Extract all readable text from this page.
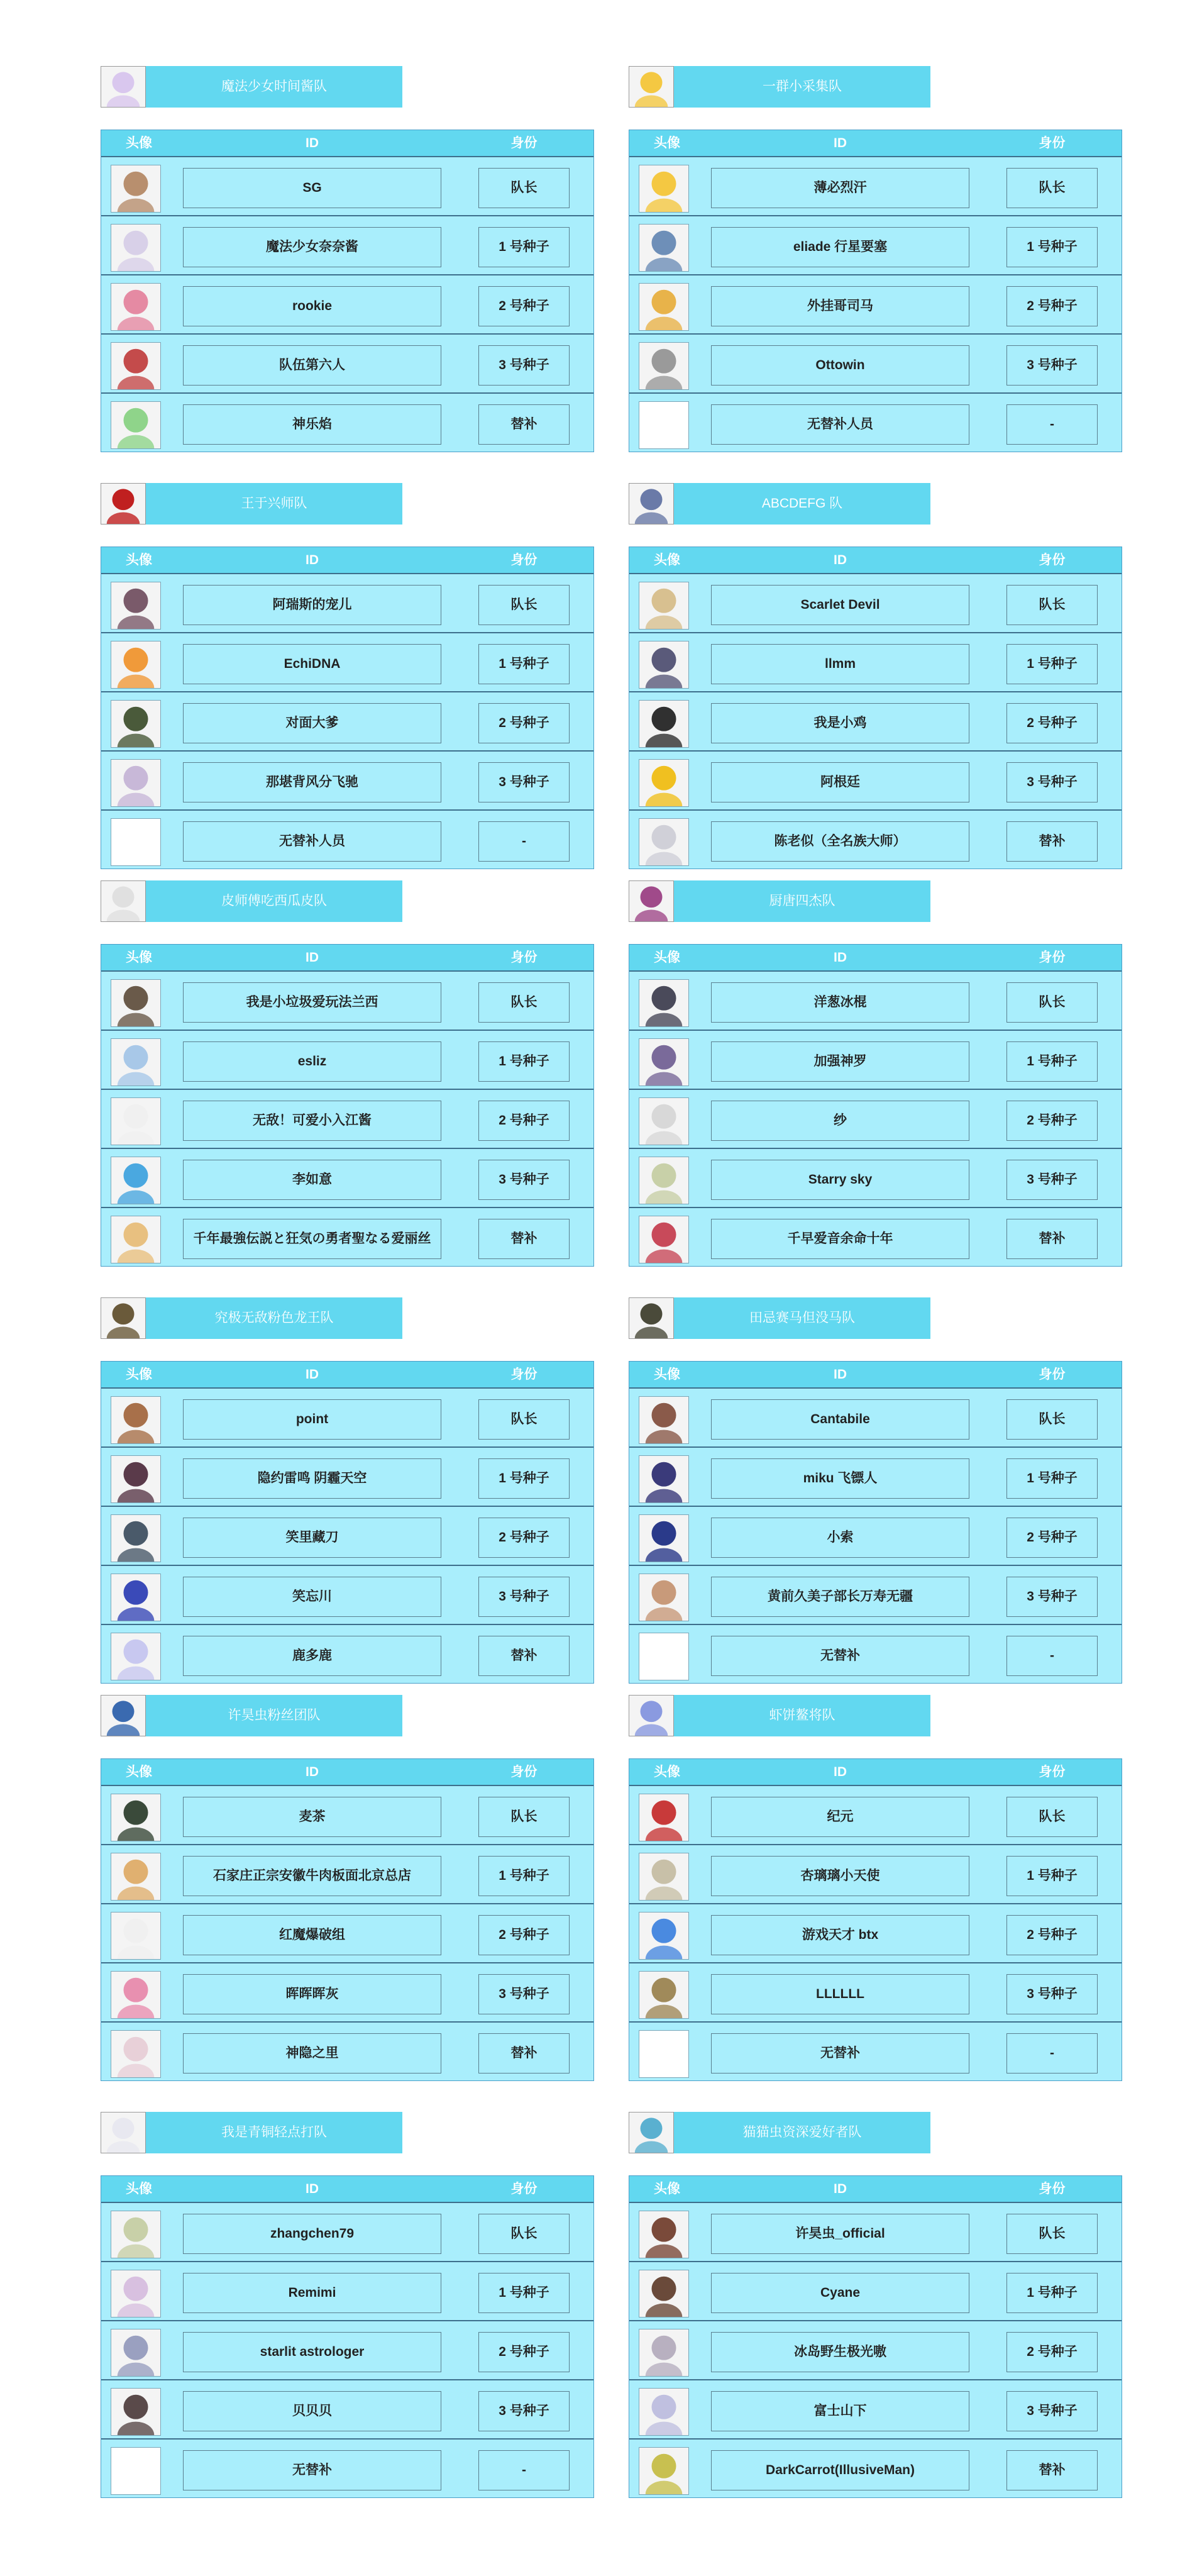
魔法少女时间酱队
头像	ID	身份
SG	队长
魔法少女奈奈酱	1 号种子
rookie	2 号种子
队伍第六人	3 号种子
神乐焰	替补
一群小采集队
头像	ID	身份
薄必烈汗	队长
eliade 行星要塞	1 号种子
外挂哥司马	2 号种子
Ottowin	3 号种子
无替补人员	-
王于兴师队
头像	ID	身份
阿瑞斯的宠儿	队长
EchiDNA	1 号种子
对面大爹	2 号种子
那堪背风分飞驰	3 号种子
无替补人员	-
ABCDEFG 队
头像	ID	身份
Scarlet Devil	队长
llmm	1 号种子
我是小鸡	2 号种子
阿根廷	3 号种子
陈老似（全名族大师）	替补
皮师傅吃西瓜皮队
头像	ID	身份
我是小垃圾爱玩法兰西	队长
esliz	1 号种子
无敌！可爱小入江酱	2 号种子
李如意	3 号种子
千年最強伝説と狂気の勇者聖なる爱丽丝	替补
厨唐四杰队
头像	ID	身份
洋葱冰棍	队长
加强神罗	1 号种子
纱	2 号种子
Starry sky	3 号种子
千早爱音余命十年	替补
究极无敌粉色龙王队
头像	ID	身份
point	队长
隐约雷鸣 阴霾天空	1 号种子
笑里藏刀	2 号种子
笑忘川	3 号种子
鹿多鹿	替补
田忌赛马但没马队
头像	ID	身份
Cantabile	队长
miku 飞镖人	1 号种子
小索	2 号种子
黄前久美子部长万寿无疆	3 号种子
无替补	-
许昊虫粉丝团队
头像	ID	身份
麦茶	队长
石家庄正宗安徽牛肉板面北京总店	1 号种子
红魔爆破组	2 号种子
晖晖晖灰	3 号种子
神隐之里	替补
虾饼鳌将队
头像	ID	身份
纪元	队长
杏璃璃小天使	1 号种子
游戏天才 btx	2 号种子
LLLLLL	3 号种子
无替补	-
我是青铜轻点打队
头像	ID	身份
zhangchen79	队长
Remimi	1 号种子
starlit astrologer	2 号种子
贝贝贝	3 号种子
无替补	-
猫猫虫资深爱好者队
头像	ID	身份
许昊虫_official	队长
Cyane	1 号种子
冰岛野生极光嗷	2 号种子
富士山下	3 号种子
DarkCarrot(IllusiveMan)	替补
